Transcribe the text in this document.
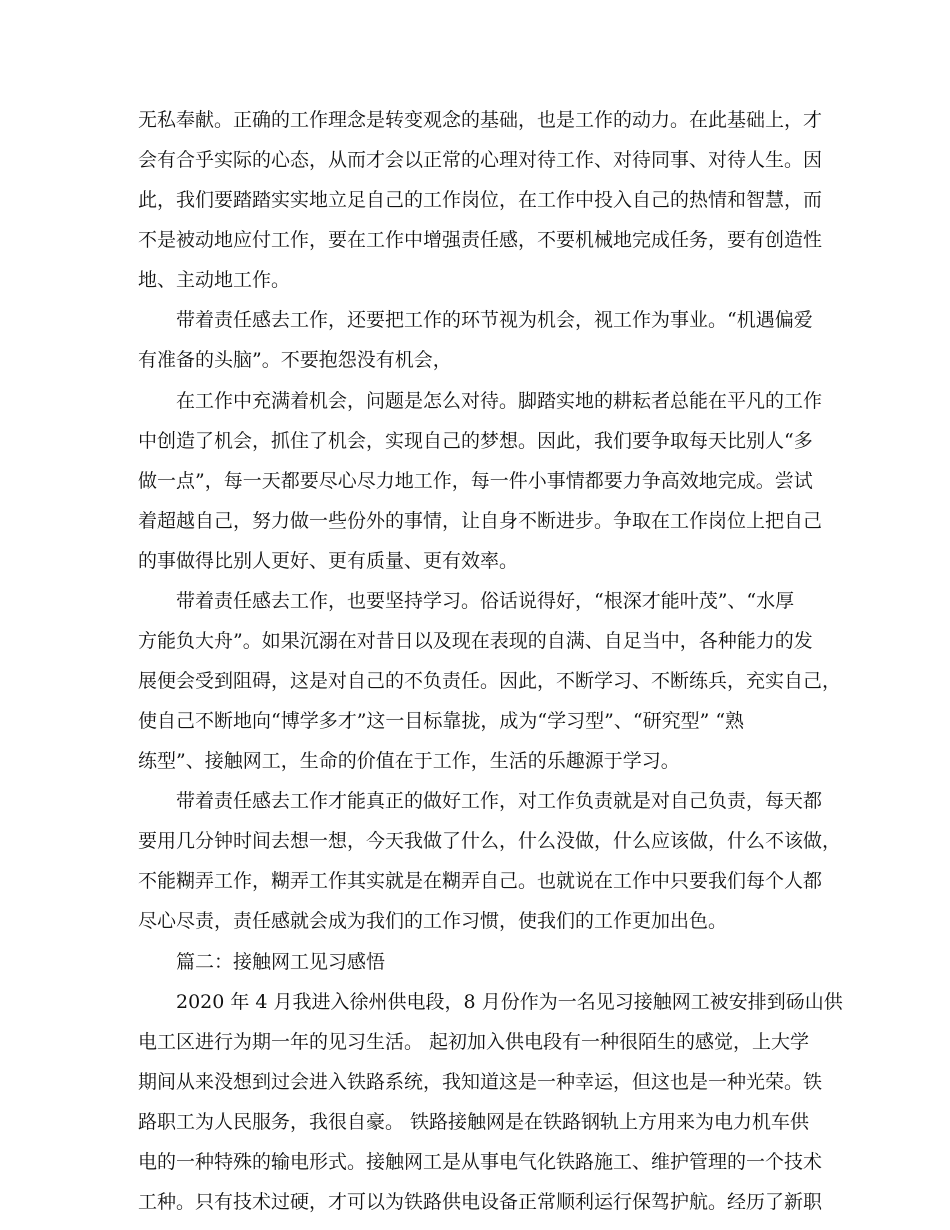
无私奉献。正确的工作理念是转变观念的基础，也是工作的动力。在此基础上，才

会有合乎实际的心态，从而才会以正常的心理对待工作、对待同事、对待人生。因

此，我们要踏踏实实地立足自己的工作岗位，在工作中投入自己的热情和智慧，而

不是被动地应付工作，要在工作中增强责任感，不要机械地完成任务，要有创造性

地、主动地工作。

带着责任感去工作，还要把工作的环节视为机会，视工作为事业。“机遇偏爱

有准备的头脑”。不要抱怨没有机会，

在工作中充满着机会，问题是怎么对待。脚踏实地的耕耘者总能在平凡的工作

中创造了机会，抓住了机会，实现自己的梦想。因此，我们要争取每天比别人“多

做一点”，每一天都要尽心尽力地工作，每一件小事情都要力争高效地完成。尝试

着超越自己，努力做一些份外的事情，让自身不断进步。争取在工作岗位上把自己

的事做得比别人更好、更有质量、更有效率。

带着责任感去工作，也要坚持学习。俗话说得好，“根深才能叶茂”、“水厚

方能负大舟”。如果沉溺在对昔日以及现在表现的自满、自足当中，各种能力的发

展便会受到阻碍，这是对自己的不负责任。因此，不断学习、不断练兵，充实自己，

使自己不断地向“博学多才”这一目标靠拢，成为“学习型”、“研究型” “熟

练型”、接触网工，生命的价值在于工作，生活的乐趣源于学习。

带着责任感去工作才能真正的做好工作，对工作负责就是对自己负责，每天都

要用几分钟时间去想一想，今天我做了什么，什么没做，什么应该做，什么不该做，

不能糊弄工作，糊弄工作其实就是在糊弄自己。也就说在工作中只要我们每个人都

尽心尽责，责任感就会成为我们的工作习惯，使我们的工作更加出色。

篇二：接触网工见习感悟

2020 年 4 月我进入徐州供电段，8 月份作为一名见习接触网工被安排到砀山供

电工区进行为期一年的见习生活。 起初加入供电段有一种很陌生的感觉，上大学

期间从来没想到过会进入铁路系统，我知道这是一种幸运，但这也是一种光荣。铁

路职工为人民服务，我很自豪。 铁路接触网是在铁路钢轨上方用来为电力机车供

电的一种特殊的输电形式。接触网工是从事电气化铁路施工、维护管理的一个技术

工种。只有技术过硬，才可以为铁路供电设备正常顺利运行保驾护航。经历了新职
